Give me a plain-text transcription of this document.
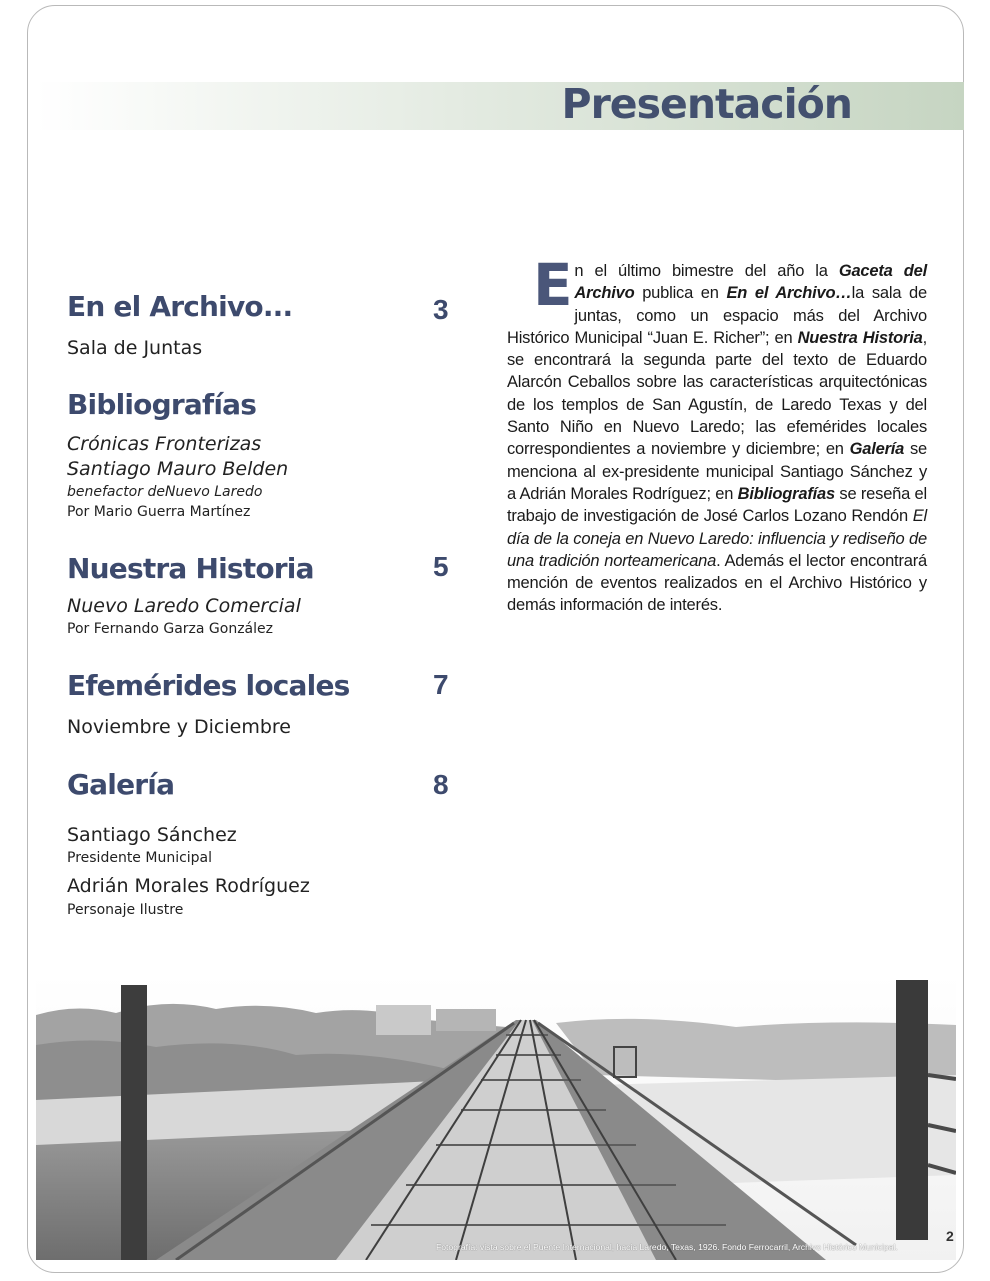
Presentación
En el Archivo...	3
Sala de Juntas
Bibliografías
Crónicas Fronterizas
Santiago Mauro Belden
benefactor deNuevo Laredo
Por Mario Guerra Martínez
Nuestra Historia	5
Nuevo Laredo Comercial
Por Fernando Garza González
Efemérides locales	7
Noviembre y Diciembre
Galería	8
Santiago Sánchez
Presidente Municipal
Adrián Morales Rodríguez
Personaje Ilustre
En el último bimestre del año la Gaceta del Archivo publica en En el Archivo…la sala de juntas, como un espacio más del Archivo Histórico Municipal “Juan E. Richer”; en Nuestra Historia, se encontrará la segunda parte del texto de Eduardo Alarcón Ceballos sobre las características arquitectónicas de los templos de San Agustín, de Laredo Texas y del Santo Niño en Nuevo Laredo; las efemérides locales correspondientes a noviembre y diciembre; en Galería se menciona al ex-presidente municipal Santiago Sánchez y a Adrián Morales Rodríguez; en Bibliografías se reseña el trabajo de investigación de José Carlos Lozano Rendón El día de la coneja en Nuevo Laredo: influencia y rediseño de una tradición norteamericana. Además el lector encontrará mención de eventos realizados en el Archivo Histórico y demás información de interés.
Fotografía: vista sobre el Puente Internacional, hacia Laredo, Texas, 1926. Fondo Ferrocarril, Archivo Histórico Municipal.
2
